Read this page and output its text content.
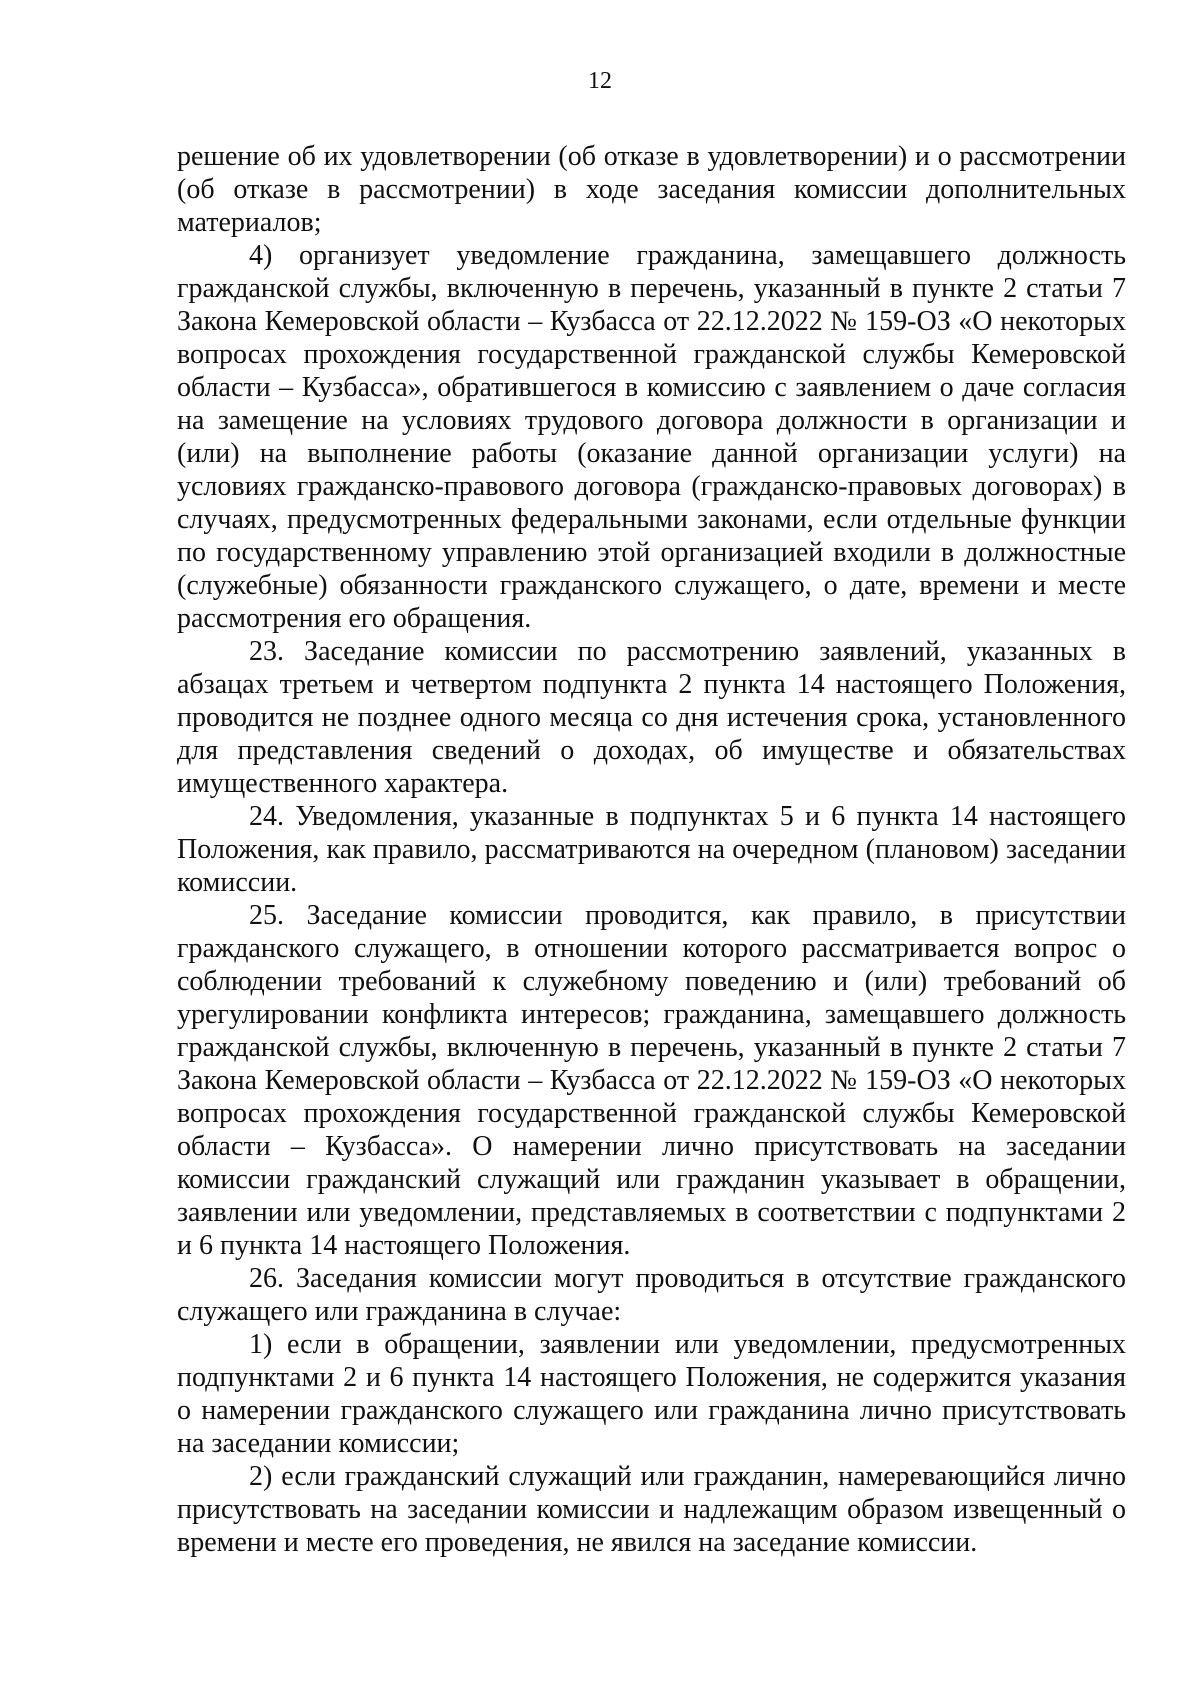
12

решение об их удовлетворении (об отказе в удовлетворении) и о рассмотрении (об отказе в рассмотрении) в ходе заседания комиссии дополнительных материалов;

4) организует уведомление гражданина, замещавшего должность гражданской службы, включенную в перечень, указанный в пункте 2 статьи 7 Закона Кемеровской области – Кузбасса от 22.12.2022 № 159-ОЗ «О некоторых вопросах прохождения государственной гражданской службы Кемеровской области – Кузбасса», обратившегося в комиссию с заявлением о даче согласия на замещение на условиях трудового договора должности в организации и (или) на выполнение работы (оказание данной организации услуги) на условиях гражданско-правового договора (гражданско-правовых договорах) в случаях, предусмотренных федеральными законами, если отдельные функции по государственному управлению этой организацией входили в должностные (служебные) обязанности гражданского служащего, о дате, времени и месте рассмотрения его обращения.

23. Заседание комиссии по рассмотрению заявлений, указанных в абзацах третьем и четвертом подпункта 2 пункта 14 настоящего Положения, проводится не позднее одного месяца со дня истечения срока, установленного для представления сведений о доходах, об имуществе и обязательствах имущественного характера.

24. Уведомления, указанные в подпунктах 5 и 6 пункта 14 настоящего Положения, как правило, рассматриваются на очередном (плановом) заседании комиссии.

25. Заседание комиссии проводится, как правило, в присутствии гражданского служащего, в отношении которого рассматривается вопрос о соблюдении требований к служебному поведению и (или) требований об урегулировании конфликта интересов; гражданина, замещавшего должность гражданской службы, включенную в перечень, указанный в пункте 2 статьи 7 Закона Кемеровской области – Кузбасса от 22.12.2022 № 159-ОЗ «О некоторых вопросах прохождения государственной гражданской службы Кемеровской области – Кузбасса». О намерении лично присутствовать на заседании комиссии гражданский служащий или гражданин указывает в обращении, заявлении или уведомлении, представляемых в соответствии с подпунктами 2 и 6 пункта 14 настоящего Положения.

26. Заседания комиссии могут проводиться в отсутствие гражданского служащего или гражданина в случае:

1) если в обращении, заявлении или уведомлении, предусмотренных подпунктами 2 и 6 пункта 14 настоящего Положения, не содержится указания о намерении гражданского служащего или гражданина лично присутствовать на заседании комиссии;

2) если гражданский служащий или гражданин, намеревающийся лично присутствовать на заседании комиссии и надлежащим образом извещенный о времени и месте его проведения, не явился на заседание комиссии.
